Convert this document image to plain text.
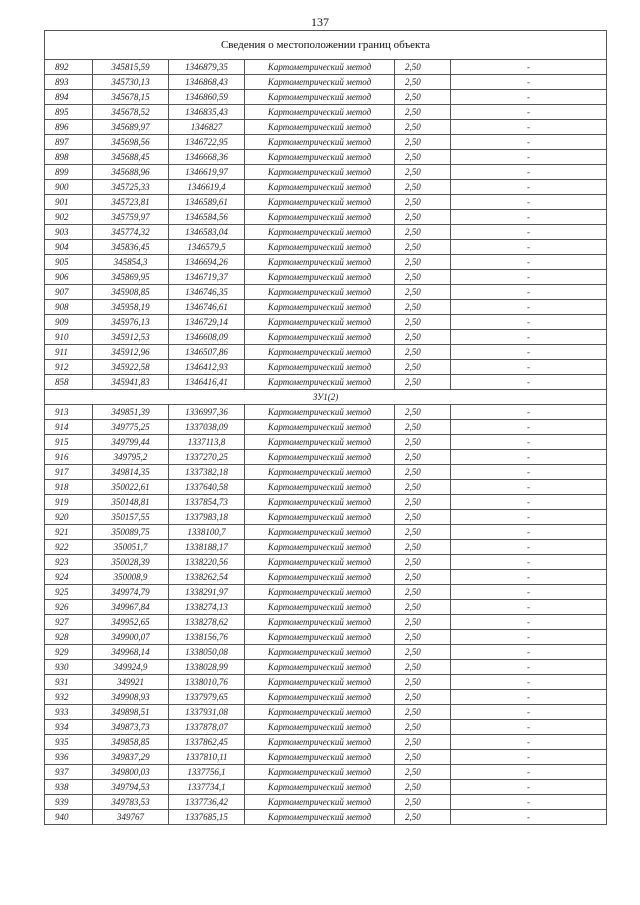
137
Сведения о местоположении границ объекта					
892	345815,59	1346879,35	Картометрический метод	2,50	-
893	345730,13	1346868,43	Картометрический метод	2,50	-
894	345678,15	1346860,59	Картометрический метод	2,50	-
895	345678,52	1346835,43	Картометрический метод	2,50	-
896	345689,97	1346827	Картометрический метод	2,50	-
897	345698,56	1346722,95	Картометрический метод	2,50	-
898	345688,45	1346668,36	Картометрический метод	2,50	-
899	345688,96	1346619,97	Картометрический метод	2,50	-
900	345725,33	1346619,4	Картометрический метод	2,50	-
901	345723,81	1346589,61	Картометрический метод	2,50	-
902	345759,97	1346584,56	Картометрический метод	2,50	-
903	345774,32	1346583,04	Картометрический метод	2,50	-
904	345836,45	1346579,5	Картометрический метод	2,50	-
905	345854,3	1346694,26	Картометрический метод	2,50	-
906	345869,95	1346719,37	Картометрический метод	2,50	-
907	345908,85	1346746,35	Картометрический метод	2,50	-
908	345958,19	1346746,61	Картометрический метод	2,50	-
909	345976,13	1346729,14	Картометрический метод	2,50	-
910	345912,53	1346608,09	Картометрический метод	2,50	-
911	345912,96	1346507,86	Картометрический метод	2,50	-
912	345922,58	1346412,93	Картометрический метод	2,50	-
858	345941,83	1346416,41	Картометрический метод	2,50	-
ЗУ1(2)					
913	349851,39	1336997,36	Картометрический метод	2,50	-
914	349775,25	1337038,09	Картометрический метод	2,50	-
915	349799,44	1337113,8	Картометрический метод	2,50	-
916	349795,2	1337270,25	Картометрический метод	2,50	-
917	349814,35	1337382,18	Картометрический метод	2,50	-
918	350022,61	1337640,58	Картометрический метод	2,50	-
919	350148,81	1337854,73	Картометрический метод	2,50	-
920	350157,55	1337983,18	Картометрический метод	2,50	-
921	350089,75	1338100,7	Картометрический метод	2,50	-
922	350051,7	1338188,17	Картометрический метод	2,50	-
923	350028,39	1338220,56	Картометрический метод	2,50	-
924	350008,9	1338262,54	Картометрический метод	2,50	-
925	349974,79	1338291,97	Картометрический метод	2,50	-
926	349967,84	1338274,13	Картометрический метод	2,50	-
927	349952,65	1338278,62	Картометрический метод	2,50	-
928	349900,07	1338156,76	Картометрический метод	2,50	-
929	349968,14	1338050,08	Картометрический метод	2,50	-
930	349924,9	1338028,99	Картометрический метод	2,50	-
931	349921	1338010,76	Картометрический метод	2,50	-
932	349908,93	1337979,65	Картометрический метод	2,50	-
933	349898,51	1337931,08	Картометрический метод	2,50	-
934	349873,73	1337878,07	Картометрический метод	2,50	-
935	349858,85	1337862,45	Картометрический метод	2,50	-
936	349837,29	1337810,11	Картометрический метод	2,50	-
937	349800,03	1337756,1	Картометрический метод	2,50	-
938	349794,53	1337734,1	Картометрический метод	2,50	-
939	349783,53	1337736,42	Картометрический метод	2,50	-
940	349767	1337685,15	Картометрический метод	2,50	-
